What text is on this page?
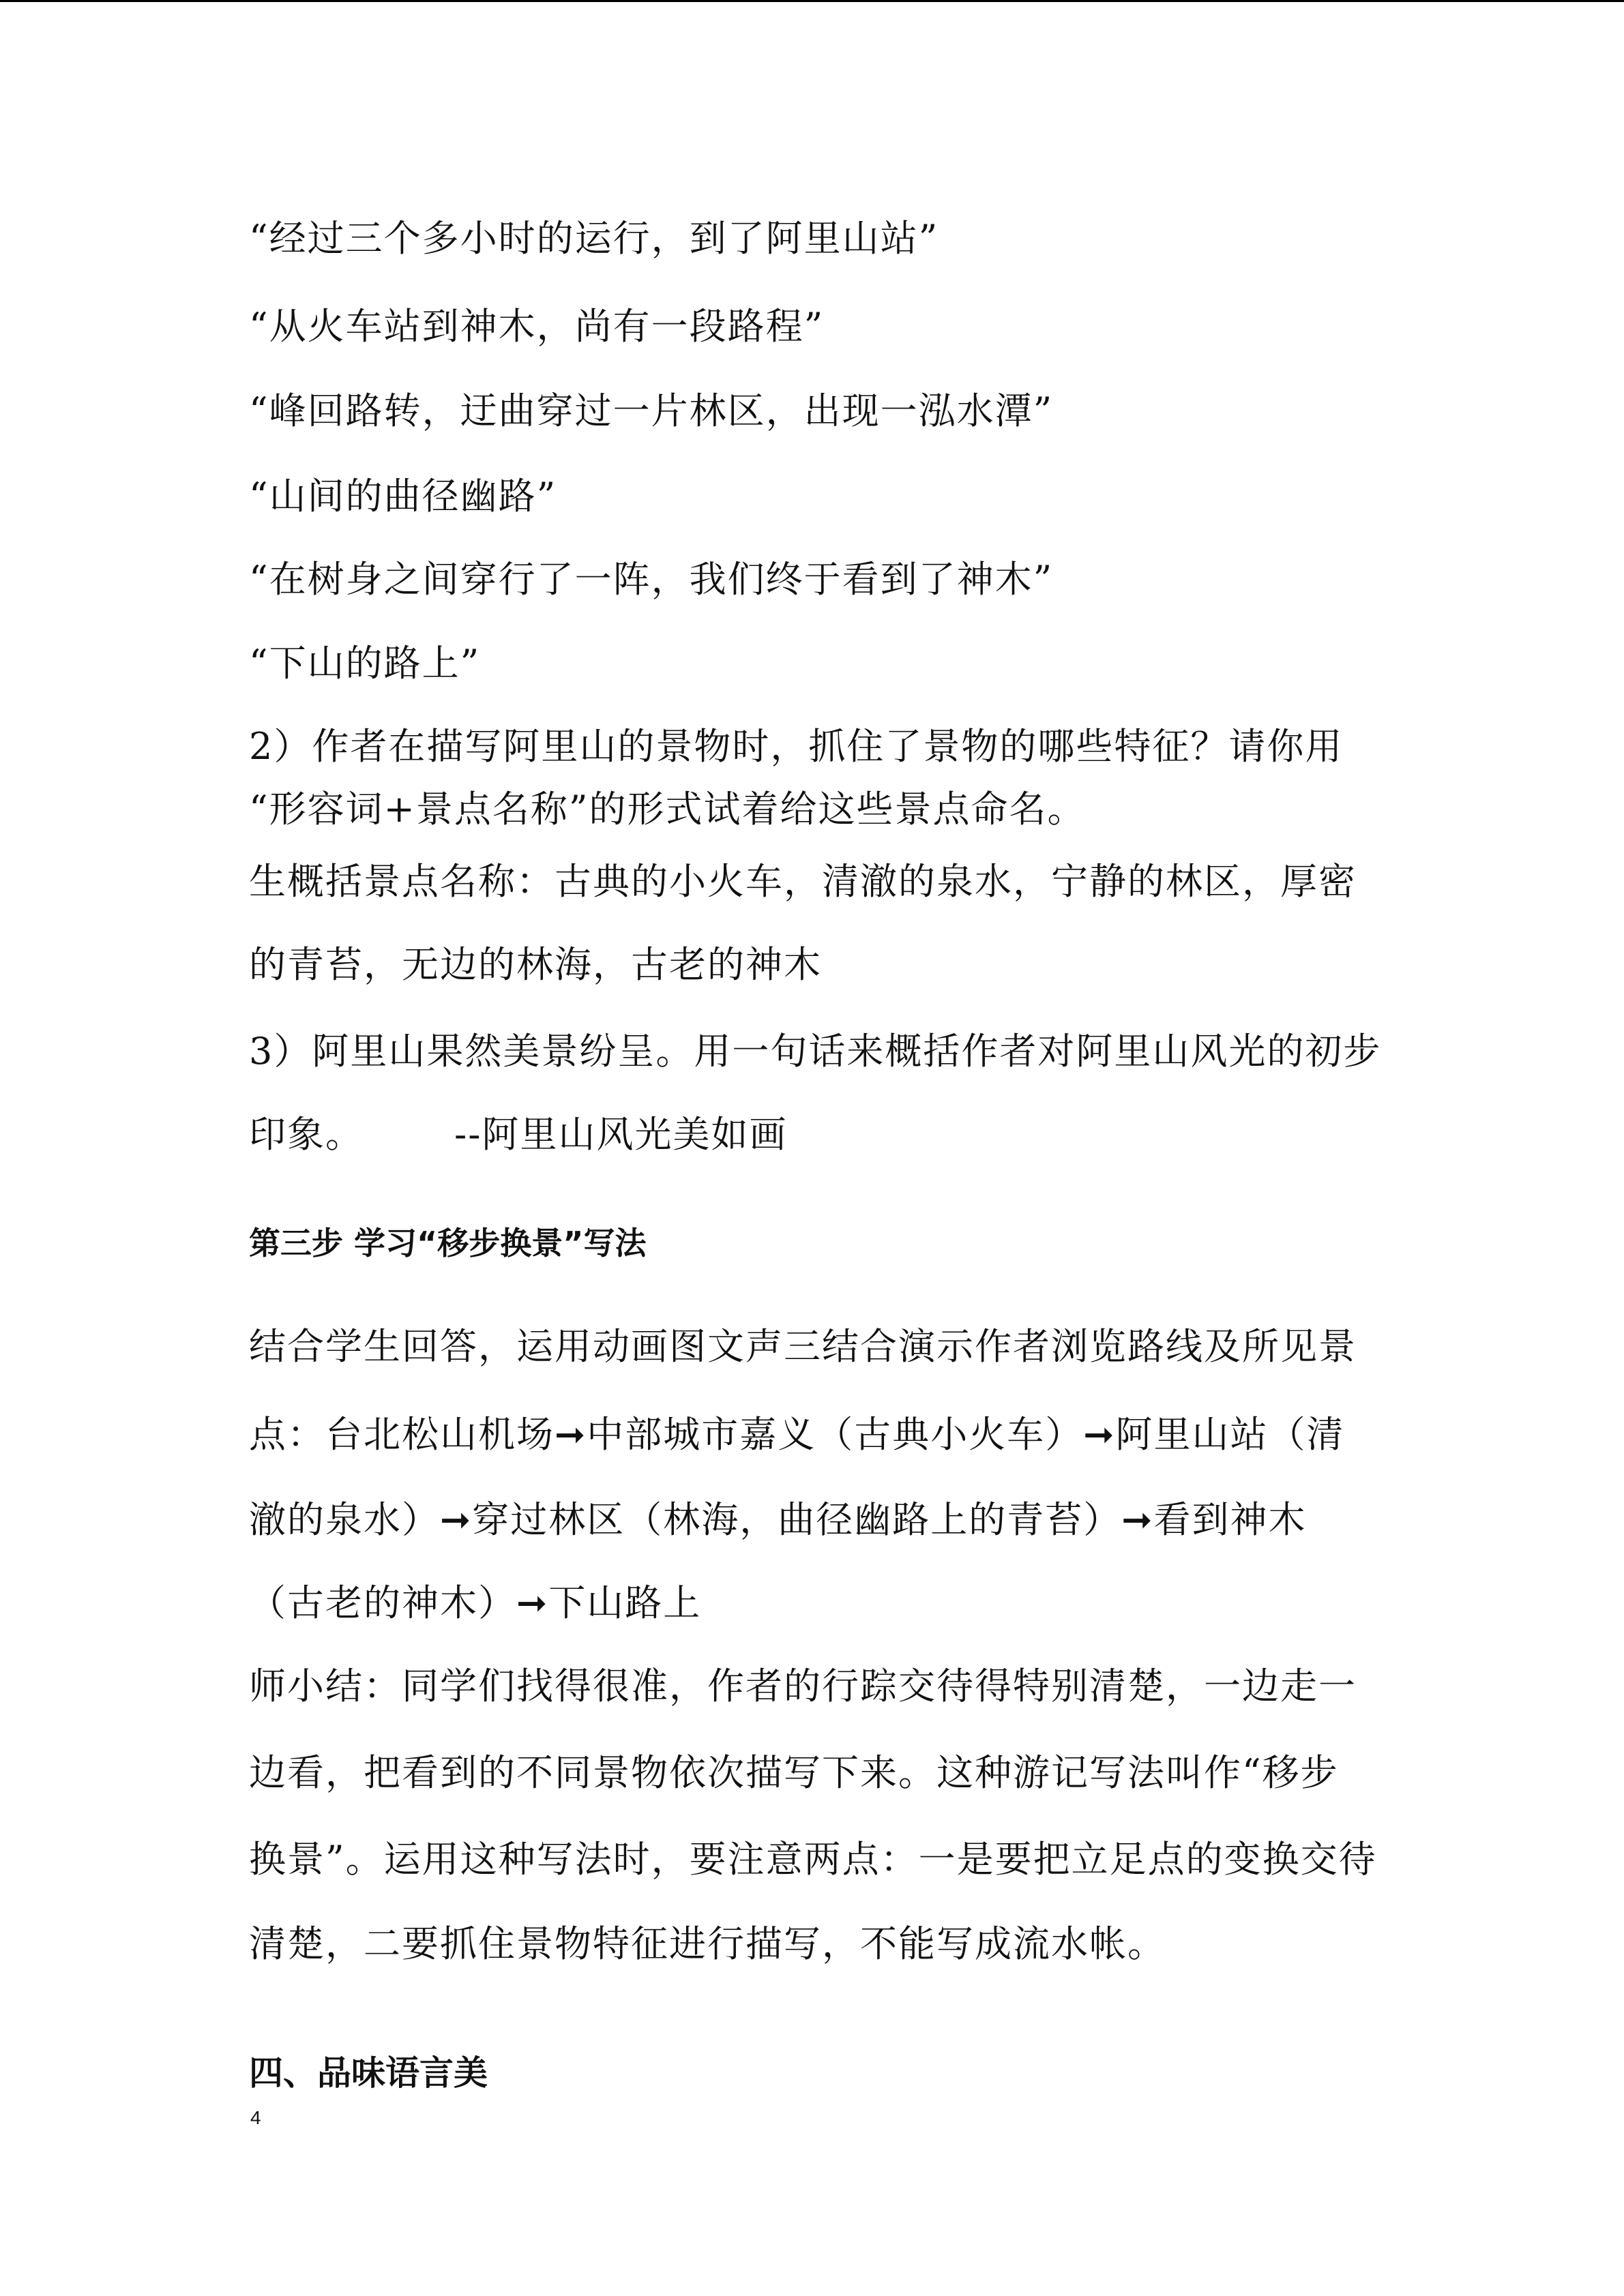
“经过三个多小时的运行，到了阿里山站”
“从火车站到神木，尚有一段路程”
“峰回路转，迂曲穿过一片林区，出现一泓水潭”
“山间的曲径幽路”
“在树身之间穿行了一阵，我们终于看到了神木”
“下山的路上”
2）作者在描写阿里山的景物时，抓住了景物的哪些特征？请你用
“形容词+景点名称”的形式试着给这些景点命名。
生概括景点名称：古典的小火车，清澈的泉水，宁静的林区，厚密
的青苔，无边的林海，古老的神木
3）阿里山果然美景纷呈。用一句话来概括作者对阿里山风光的初步
印象。 --阿里山风光美如画
第三步 学习“移步换景”写法
结合学生回答，运用动画图文声三结合演示作者浏览路线及所见景
点：台北松山机场➞中部城市嘉义（古典小火车）➞阿里山站（清
澈的泉水）➞穿过林区（林海，曲径幽路上的青苔）➞看到神木
（古老的神木）➞下山路上
师小结：同学们找得很准，作者的行踪交待得特别清楚，一边走一
边看，把看到的不同景物依次描写下来。这种游记写法叫作“移步
换景”。运用这种写法时，要注意两点：一是要把立足点的变换交待
清楚，二要抓住景物特征进行描写，不能写成流水帐。
四、品味语言美
4
